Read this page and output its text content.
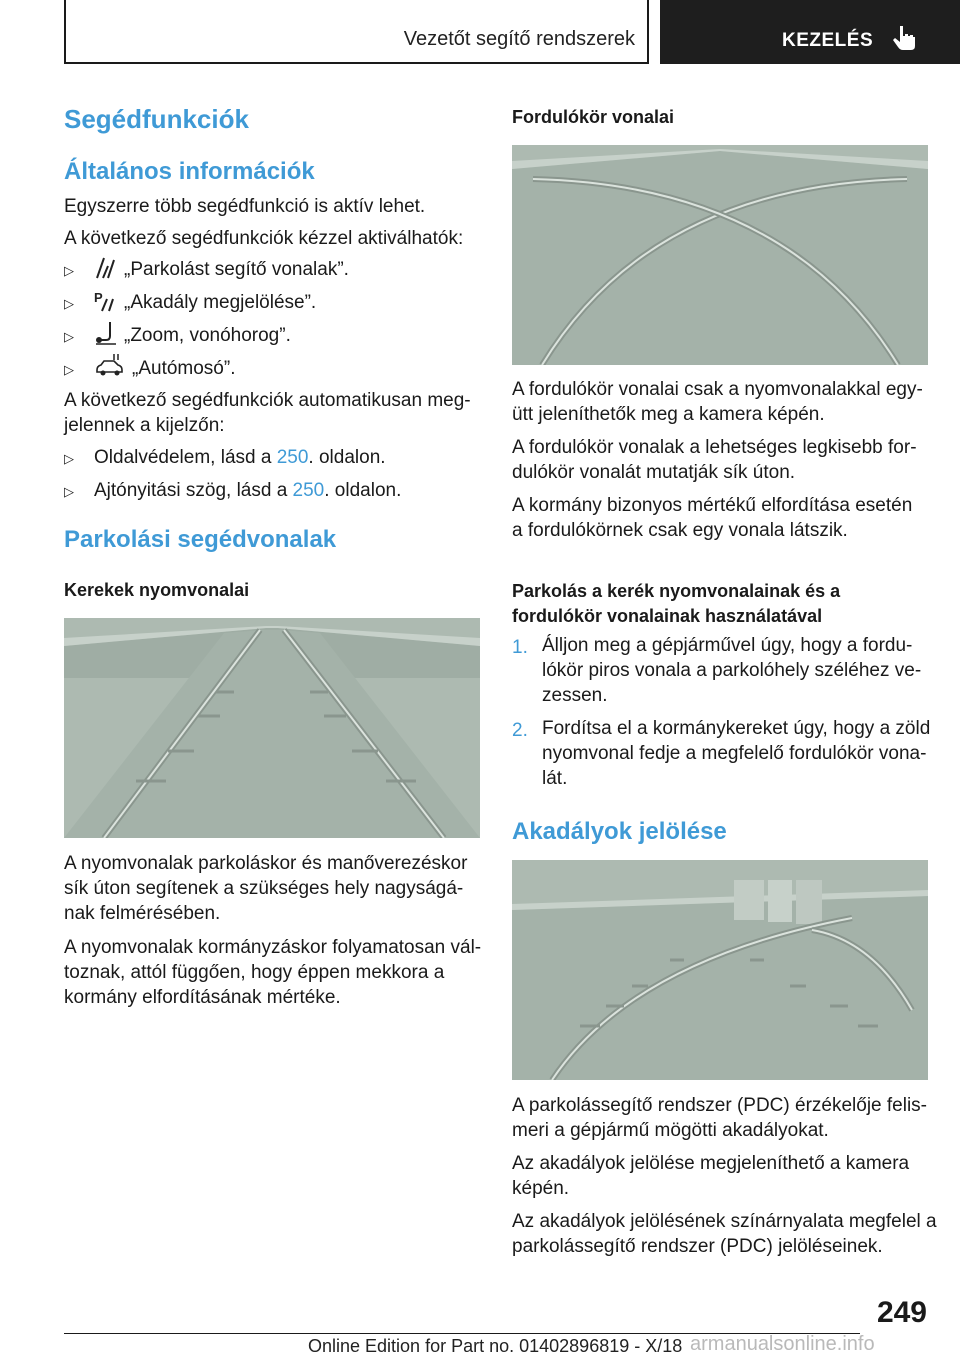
Vezetőt segítő rendszerek	KEZELÉS
Segédfunkciók
Általános információk
Egyszerre több segédfunkció is aktív lehet.
A következő segédfunkciók kézzel aktiválhatók:
▷	„Parkolást segítő vonalak”.
▷ P „Akadály megjelölése”.
▷	„Zoom, vonóhorog”.
▷	„Autómosó”.
A következő segédfunkciók automatikusan meg-
jelennek a kijelzőn:
▷ Oldalvédelem, lásd a 250. oldalon.
▷ Ajtónyitási szög, lásd a 250. oldalon.
Parkolási segédvonalak
Kerekek nyomvonalai
A nyomvonalak parkoláskor és manőverezéskor
sík úton segítenek a szükséges hely nagyságá-
nak felmérésében.
A nyomvonalak kormányzáskor folyamatosan vál-
toznak, attól függően, hogy éppen mekkora a
kormány elfordításának mértéke.
Fordulókör vonalai
A fordulókör vonalai csak a nyomvonalakkal egy-
ütt jeleníthetők meg a kamera képén.
A fordulókör vonalak a lehetséges legkisebb for-
dulókör vonalát mutatják sík úton.
A kormány bizonyos mértékű elfordítása esetén
a fordulókörnek csak egy vonala látszik.
Parkolás a kerék nyomvonalainak és a
fordulókör vonalainak használatával
1. Álljon meg a gépjárművel úgy, hogy a fordu-
lókör piros vonala a parkolóhely széléhez ve-
zessen.
2. Fordítsa el a kormánykereket úgy, hogy a zöld
nyomvonal fedje a megfelelő fordulókör vona-
lát.
Akadályok jelölése
A parkolássegítő rendszer (PDC) érzékelője felis-
meri a gépjármű mögötti akadályokat.
Az akadályok jelölése megjeleníthető a kamera
képén.
Az akadályok jelölésének színárnyalata megfelel a
parkolássegítő rendszer (PDC) jelöléseinek.
249
Online Edition for Part no. 01402896819 - X/18 armanualsonline.info
